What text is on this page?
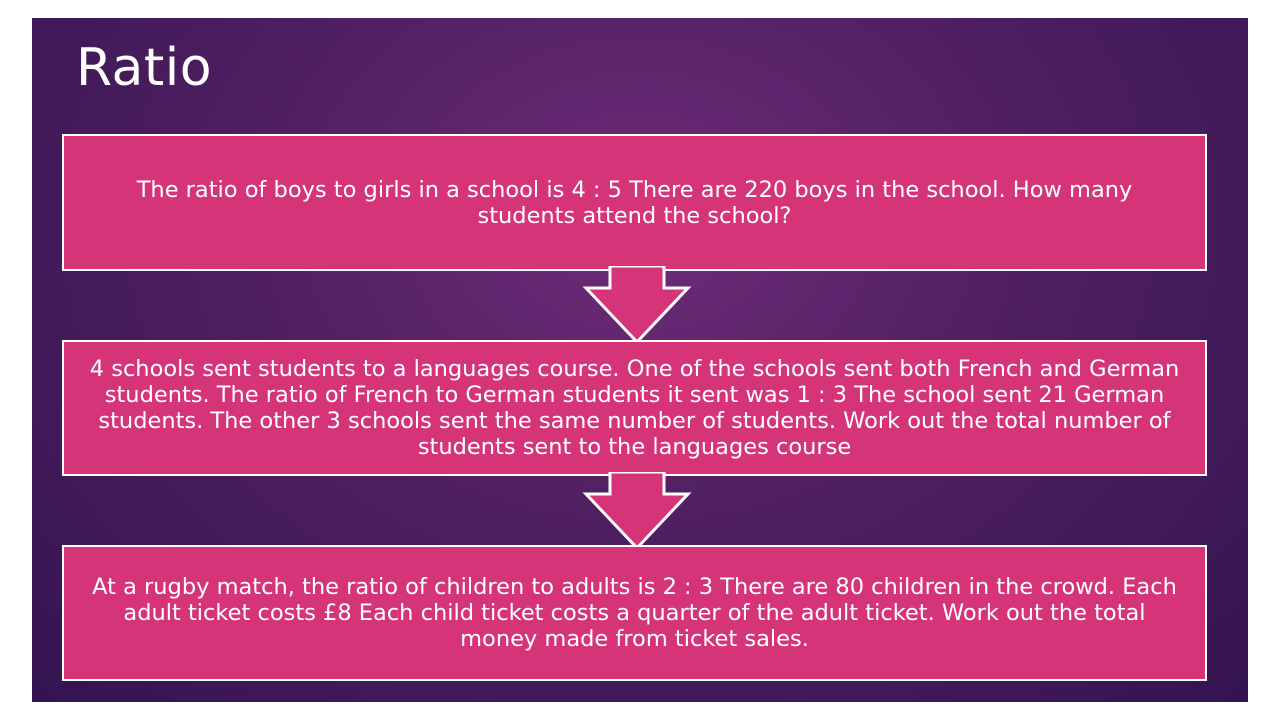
Ratio
The ratio of boys to girls in a school is 4 : 5 There are 220 boys in the school. How many students attend the school?
4 schools sent students to a languages course. One of the schools sent both French and German students. The ratio of French to German students it sent was 1 : 3 The school sent 21 German students. The other 3 schools sent the same number of students. Work out the total number of students sent to the languages course
At a rugby match, the ratio of children to adults is 2 : 3 There are 80 children in the crowd. Each adult ticket costs £8 Each child ticket costs a quarter of the adult ticket. Work out the total money made from ticket sales.
